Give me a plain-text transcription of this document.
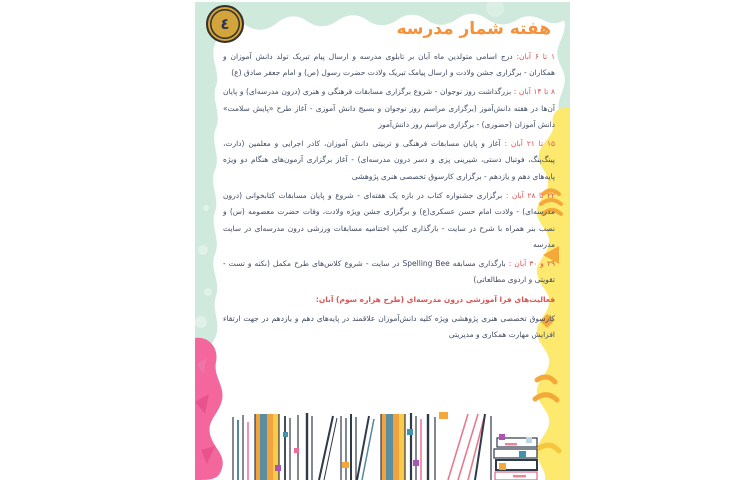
٤	هفته شمار مدرسه

۱ تا ۶ آبان: درج اسامی متولدین ماه آبان بر تابلوی مدرسه و ارسال پیام تبریک تولد دانش آموزان و همکاران - برگزاری جشن ولادت و ارسال پیامک تبریک ولادت حضرت رسول (ص) و امام جعفر صادق (ع)

۸ تا ۱۴ آبان : بزرگداشت روز نوجوان - شروع برگزاری مسابقات فرهنگی و هنری (درون مدرسه‌ای) و پایان آن‌ها در هفته دانش‌آموز (برگزاری مراسم روز نوجوان و بسیج دانش آموزی - آغاز طرح «پایش سلامت» دانش آموزان (حضوری) - برگزاری مراسم روز دانش‌آموز

۱۵ تا ۲۱ آبان : آغاز و پایان مسابقات فرهنگی و تربیتی دانش آموزان، کادر اجرایی و معلمین (دارت، پینگ‌پنگ، فوتبال دستی، شیرینی پزی و دسر درون مدرسه‌ای) - آغاز برگزاری آزمون‌های هنگام دو ویژه پایه‌های دهم و یازدهم - برگزاری کارسوق تخصصی هنری پژوهشی

۲۲ تا ۲۸ آبان : برگزاری جشنواره کتاب در بازه یک هفته‌ای - شروع و پایان مسابقات کتابخوانی (درون مدرسه‌ای) - ولادت امام حسن عسکری(ع) و برگزاری جشن ویژه ولادت، وفات حضرت معصومه (س) و نصب بنر همراه با شرح در سایت - بارگذاری کلیپ اختتامیه مسابقات ورزشی درون مدرسه‌ای در سایت مدرسه

۲۹ و ۳۰ آبان : بارگذاری مسابقه Spelling Bee در سایت - شروع کلاس‌های طرح مکمل (نکته و تست - تقویتی و اردوی مطالعاتی)

فعالیت‌های فرا آموزشی درون مدرسه‌ای (طرح هزاره سوم) آبان:

کارسوق تخصصی هنری پژوهشی ویژه کلیه دانش‌آموزان علاقمند در پایه‌های دهم و یازدهم در جهت ارتقاء افزایش مهارت همکاری و مدیریتی
